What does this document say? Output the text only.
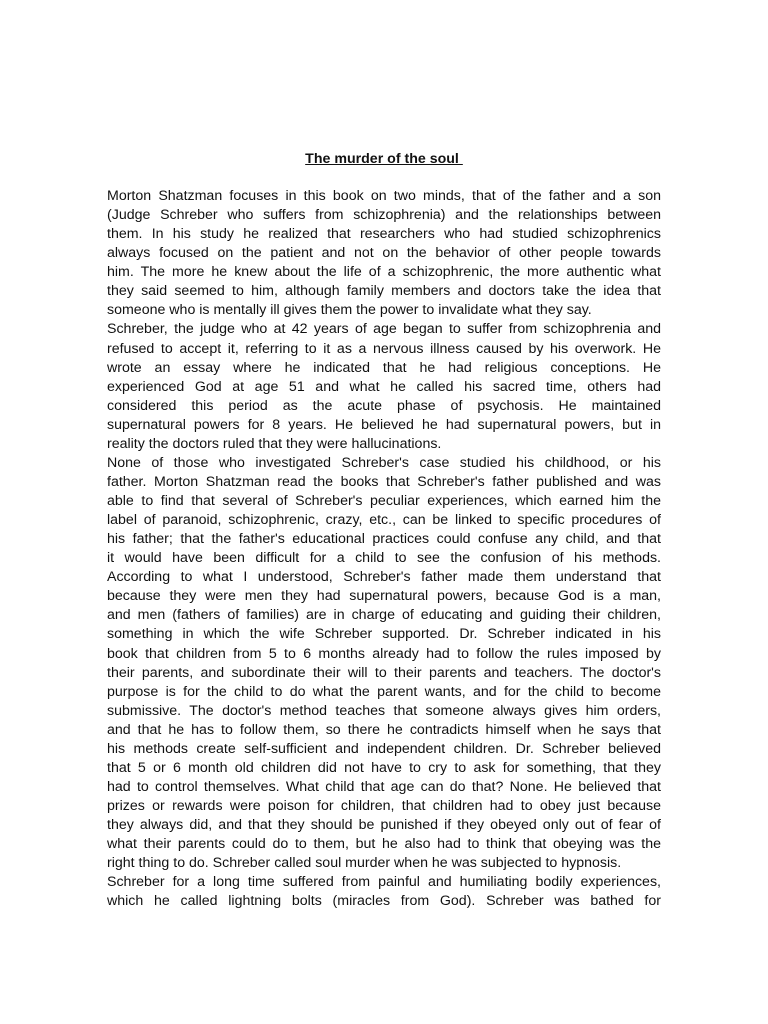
The murder of the soul
Morton Shatzman focuses in this book on two minds, that of the father and a son
(Judge Schreber who suffers from schizophrenia) and the relationships between
them. In his study he realized that researchers who had studied schizophrenics
always focused on the patient and not on the behavior of other people towards
him. The more he knew about the life of a schizophrenic, the more authentic what
they said seemed to him, although family members and doctors take the idea that
someone who is mentally ill gives them the power to invalidate what they say.
Schreber, the judge who at 42 years of age began to suffer from schizophrenia and
refused to accept it, referring to it as a nervous illness caused by his overwork. He
wrote an essay where he indicated that he had religious conceptions. He
experienced God at age 51 and what he called his sacred time, others had
considered this period as the acute phase of psychosis. He maintained
supernatural powers for 8 years. He believed he had supernatural powers, but in
reality the doctors ruled that they were hallucinations.
None of those who investigated Schreber's case studied his childhood, or his
father. Morton Shatzman read the books that Schreber's father published and was
able to find that several of Schreber's peculiar experiences, which earned him the
label of paranoid, schizophrenic, crazy, etc., can be linked to specific procedures of
his father; that the father's educational practices could confuse any child, and that
it would have been difficult for a child to see the confusion of his methods.
According to what I understood, Schreber's father made them understand that
because they were men they had supernatural powers, because God is a man,
and men (fathers of families) are in charge of educating and guiding their children,
something in which the wife Schreber supported. Dr. Schreber indicated in his
book that children from 5 to 6 months already had to follow the rules imposed by
their parents, and subordinate their will to their parents and teachers. The doctor's
purpose is for the child to do what the parent wants, and for the child to become
submissive. The doctor's method teaches that someone always gives him orders,
and that he has to follow them, so there he contradicts himself when he says that
his methods create self-sufficient and independent children. Dr. Schreber believed
that 5 or 6 month old children did not have to cry to ask for something, that they
had to control themselves. What child that age can do that? None. He believed that
prizes or rewards were poison for children, that children had to obey just because
they always did, and that they should be punished if they obeyed only out of fear of
what their parents could do to them, but he also had to think that obeying was the
right thing to do. Schreber called soul murder when he was subjected to hypnosis.
Schreber for a long time suffered from painful and humiliating bodily experiences,
which he called lightning bolts (miracles from God). Schreber was bathed for
